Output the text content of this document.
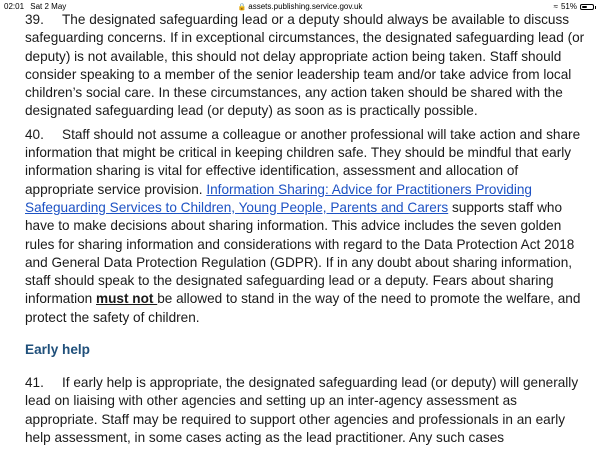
02:01 Sat 2 May	🔒 assets.publishing.service.gov.uk	≈ 51%

39. The designated safeguarding lead or a deputy should always be available to discuss safeguarding concerns. If in exceptional circumstances, the designated safeguarding lead (or deputy) is not available, this should not delay appropriate action being taken. Staff should consider speaking to a member of the senior leadership team and/or take advice from local children’s social care. In these circumstances, any action taken should be shared with the designated safeguarding lead (or deputy) as soon as is practically possible.

40. Staff should not assume a colleague or another professional will take action and share information that might be critical in keeping children safe. They should be mindful that early information sharing is vital for effective identification, assessment and allocation of appropriate service provision. Information Sharing: Advice for Practitioners Providing Safeguarding Services to Children, Young People, Parents and Carers supports staff who have to make decisions about sharing information. This advice includes the seven golden rules for sharing information and considerations with regard to the Data Protection Act 2018 and General Data Protection Regulation (GDPR). If in any doubt about sharing information, staff should speak to the designated safeguarding lead or a deputy. Fears about sharing information must not be allowed to stand in the way of the need to promote the welfare, and protect the safety of children.

Early help

41. If early help is appropriate, the designated safeguarding lead (or deputy) will generally lead on liaising with other agencies and setting up an inter-agency assessment as appropriate. Staff may be required to support other agencies and professionals in an early help assessment, in some cases acting as the lead practitioner. Any such cases
